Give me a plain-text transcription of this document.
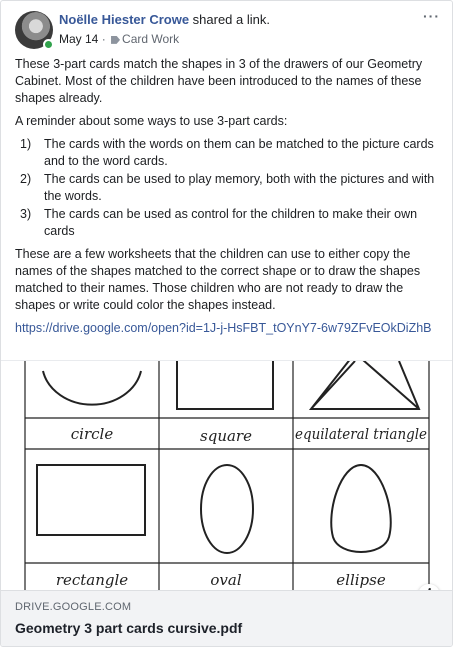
Noëlle Hiester Crowe shared a link.
May 14 · Card Work
···

These 3-part cards match the shapes in 3 of the drawers of our Geometry Cabinet. Most of the children have been introduced to the names of these shapes already.

A reminder about some ways to use 3-part cards:

1) The cards with the words on them can be matched to the picture cards and to the word cards.
2) The cards can be used to play memory, both with the pictures and with the words.
3) The cards can be used as control for the children to make their own cards

These are a few worksheets that the children can use to either copy the names of the shapes matched to the correct shape or to draw the shapes matched to their names. Those children who are not ready to draw the shapes or write could color the shapes instead.

https://drive.google.com/open?id=1J-j-HsFBT_tOYnY7-6w79ZFvEOkDiZhB

circle	square	equilateral triangle
rectangle	oval	ellipse
DRIVE.GOOGLE.COM
Geometry 3 part cards cursive.pdf
